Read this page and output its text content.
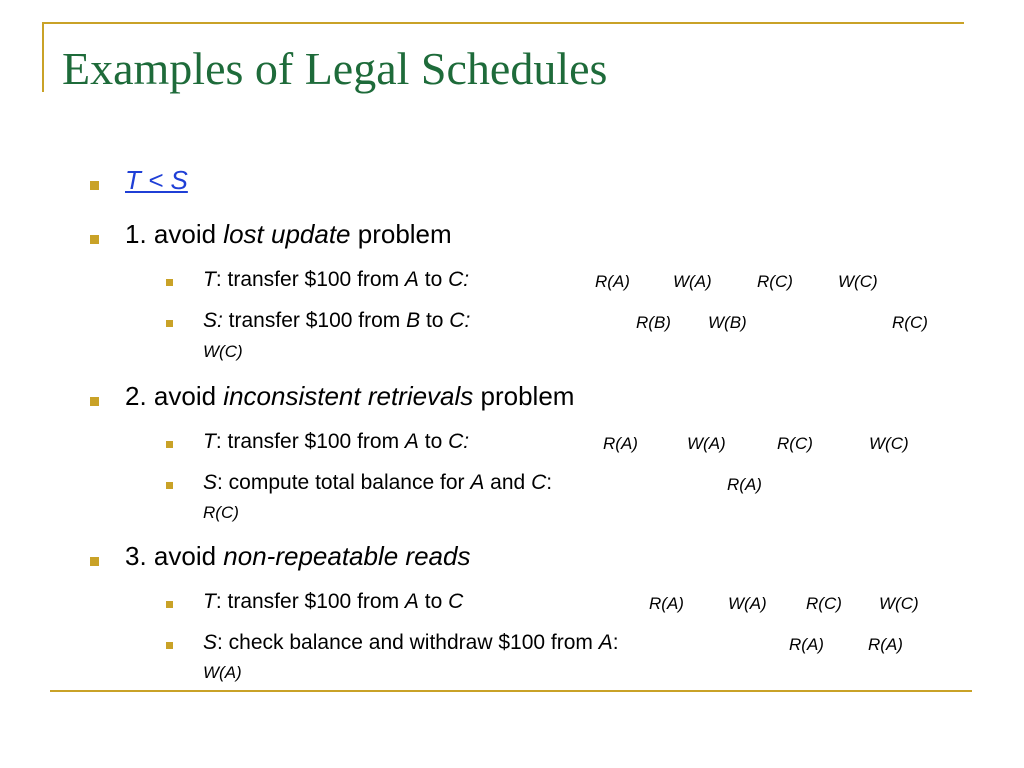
Examples of Legal Schedules
T < S
1. avoid lost update problem
T: transfer $100 from A to C:	R(A)	W(A)	R(C)	W(C)
S: transfer $100 from B to C:	R(B) W(B)	R(C)
W(C)
2. avoid inconsistent retrievals problem
T: transfer $100 from A to C:	R(A)	W(A)	R(C)	W(C)
S: compute total balance for A and C:	R(A)
R(C)
3. avoid non-repeatable reads
T: transfer $100 from A to C	R(A)	W(A) R(C) W(C)
S: check balance and withdraw $100 from A:	R(A)	R(A)
W(A)
